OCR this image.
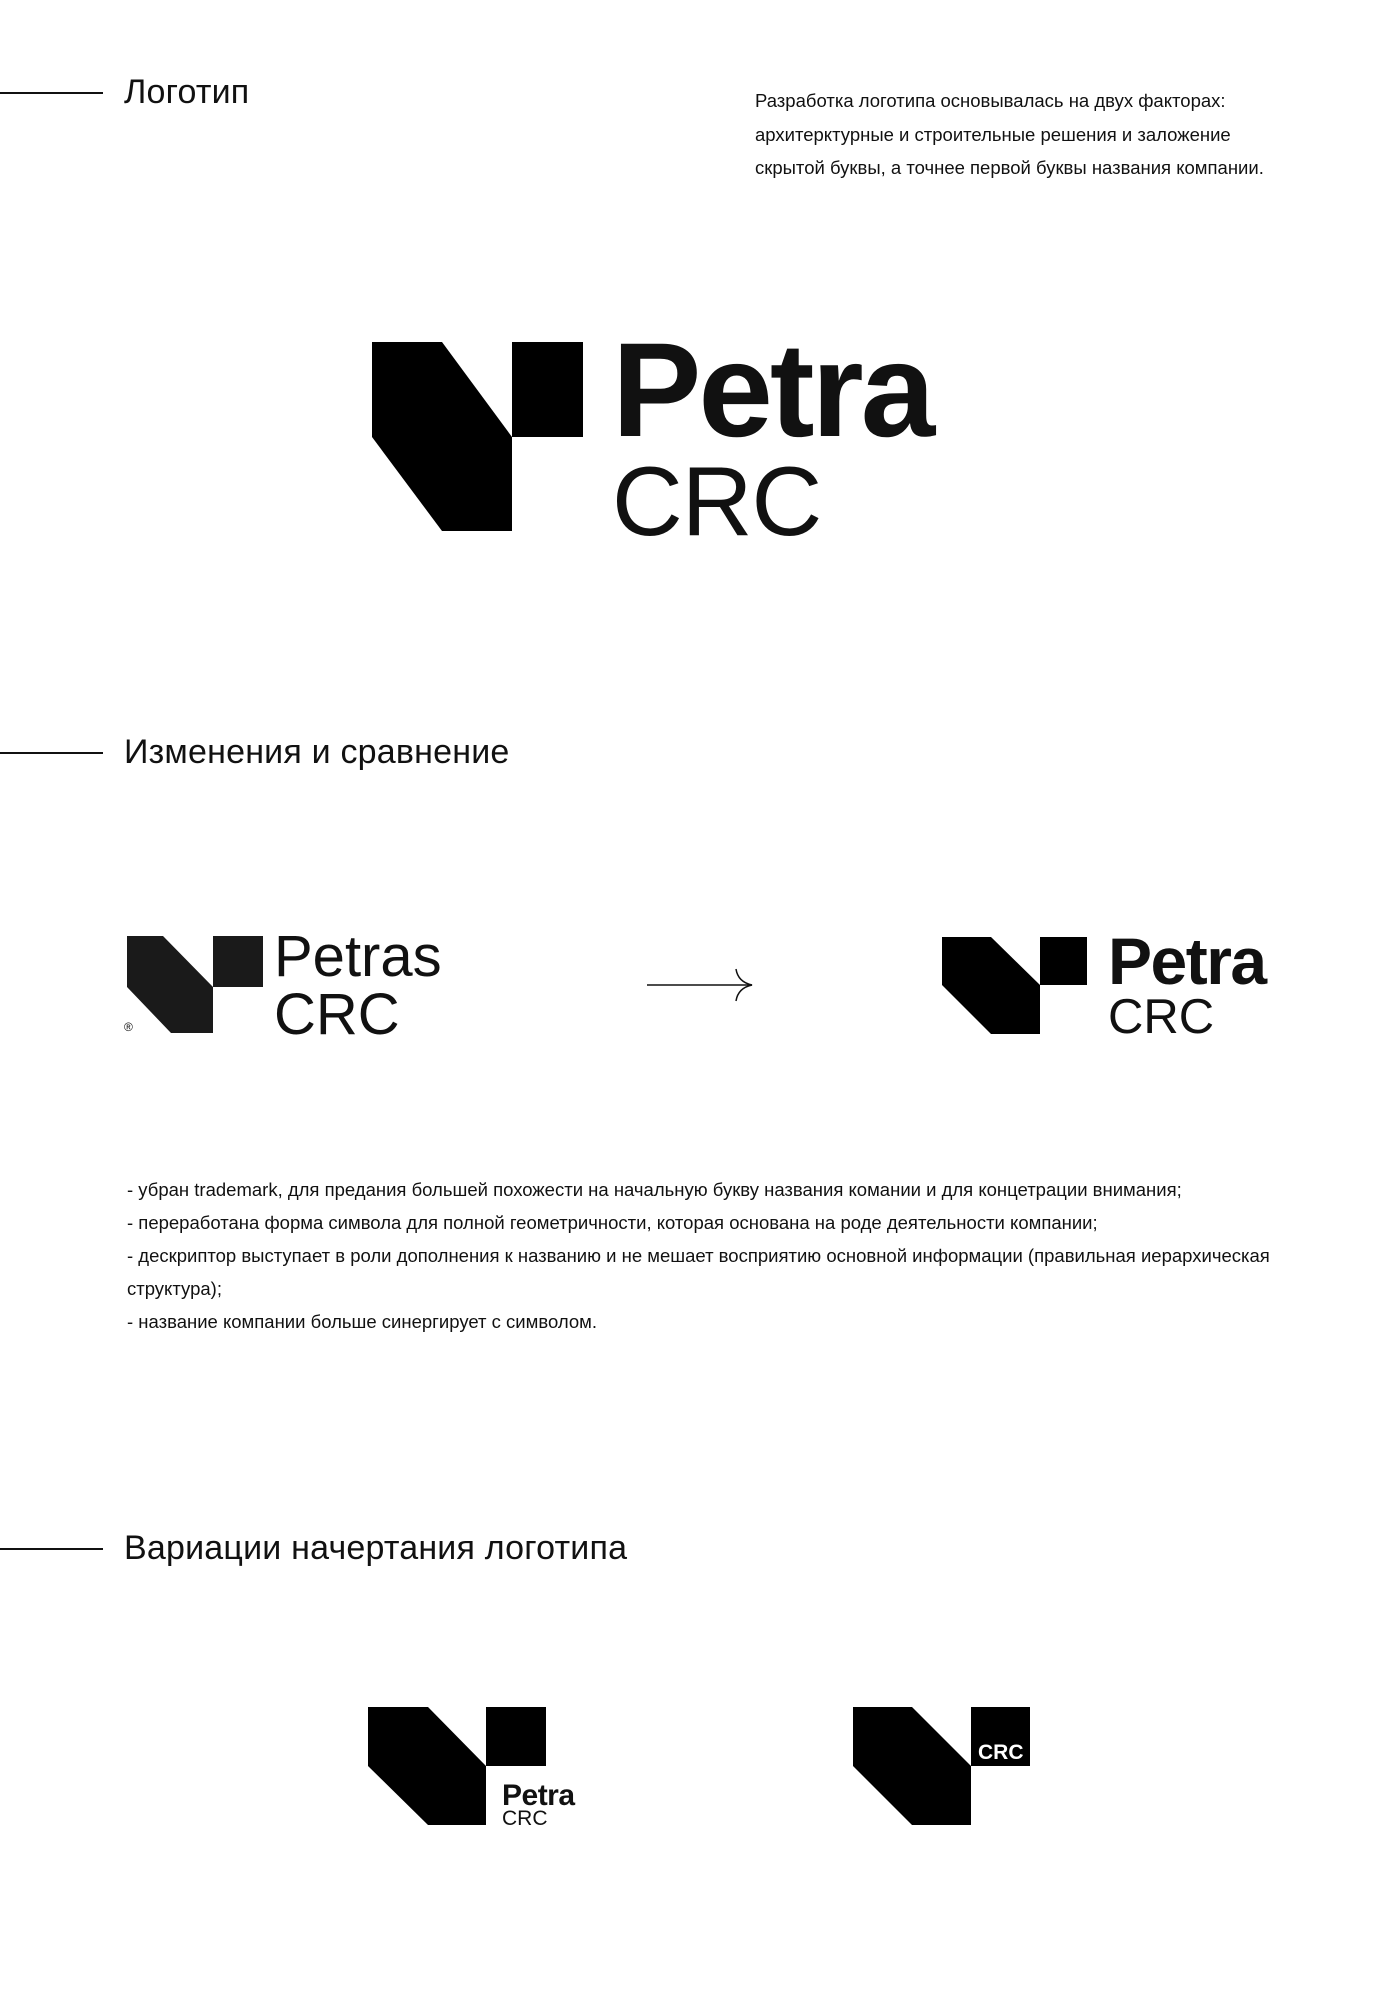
Логотип	Разработка логотипа основывалась на двух факторах: архитерктурные и строительные решения и заложение скрытой буквы, а точнее первой буквы названия компании.
Petra
CRC
Изменения и сравнение
Petras
CRC
®
Petra
CRC
- убран trademark, для предания большей похожести на начальную букву названия комании и для концетрации внимания;
- переработана форма символа для полной геометричности, которая основана на роде деятельности компании;
- дескриптор выступает в роли дополнения к названию и не мешает восприятию основной информации (правильная иерархическая структура);
- название компании больше синергирует с символом.
Вариации начертания логотипа
Petra
CRC
CRC
